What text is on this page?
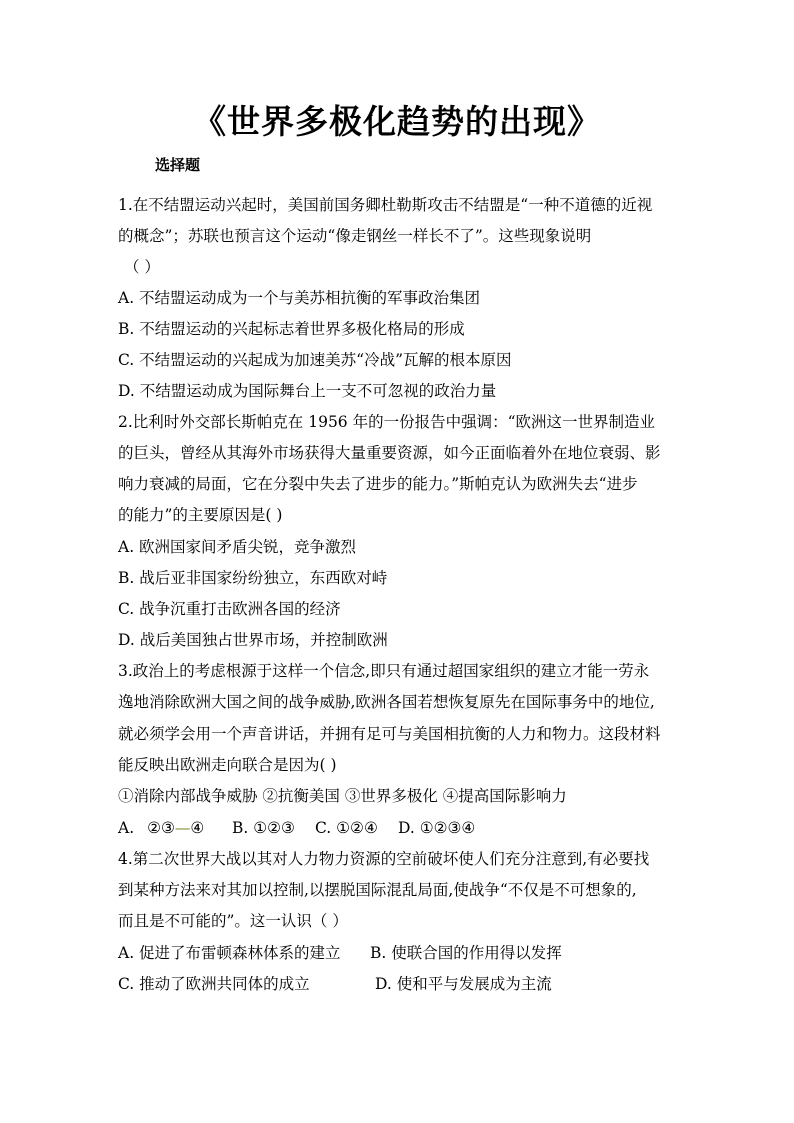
《世界多极化趋势的出现》
选择题
1.在不结盟运动兴起时，美国前国务卿杜勒斯攻击不结盟是“一种不道德的近视
的概念”；苏联也预言这个运动“像走钢丝一样长不了”。这些现象说明
（ ）
A. 不结盟运动成为一个与美苏相抗衡的军事政治集团
B. 不结盟运动的兴起标志着世界多极化格局的形成
C. 不结盟运动的兴起成为加速美苏“冷战”瓦解的根本原因
D. 不结盟运动成为国际舞台上一支不可忽视的政治力量
2.比利时外交部长斯帕克在 1956 年的一份报告中强调：“欧洲这一世界制造业
的巨头，曾经从其海外市场获得大量重要资源，如今正面临着外在地位衰弱、影
响力衰减的局面，它在分裂中失去了进步的能力。”斯帕克认为欧洲失去“进步
的能力”的主要原因是( )
A. 欧洲国家间矛盾尖锐，竞争激烈
B. 战后亚非国家纷纷独立，东西欧对峙
C. 战争沉重打击欧洲各国的经济
D. 战后美国独占世界市场，并控制欧洲
3.政治上的考虑根源于这样一个信念,即只有通过超国家组织的建立才能一劳永
逸地消除欧洲大国之间的战争威胁,欧洲各国若想恢复原先在国际事务中的地位,
就必须学会用一个声音讲话，并拥有足可与美国相抗衡的人力和物力。这段材料
能反映出欧洲走向联合是因为( )
①消除内部战争威胁 ②抗衡美国 ③世界多极化 ④提高国际影响力
A. ②③—④ B. ①②③ C. ①②④ D. ①②③④
4.第二次世界大战以其对人力物力资源的空前破坏使人们充分注意到,有必要找
到某种方法来对其加以控制,以摆脱国际混乱局面,使战争“不仅是不可想象的,
而且是不可能的”。这一认识（ ）
A. 促进了布雷顿森林体系的建立 B. 使联合国的作用得以发挥
C. 推动了欧洲共同体的成立	D. 使和平与发展成为主流
